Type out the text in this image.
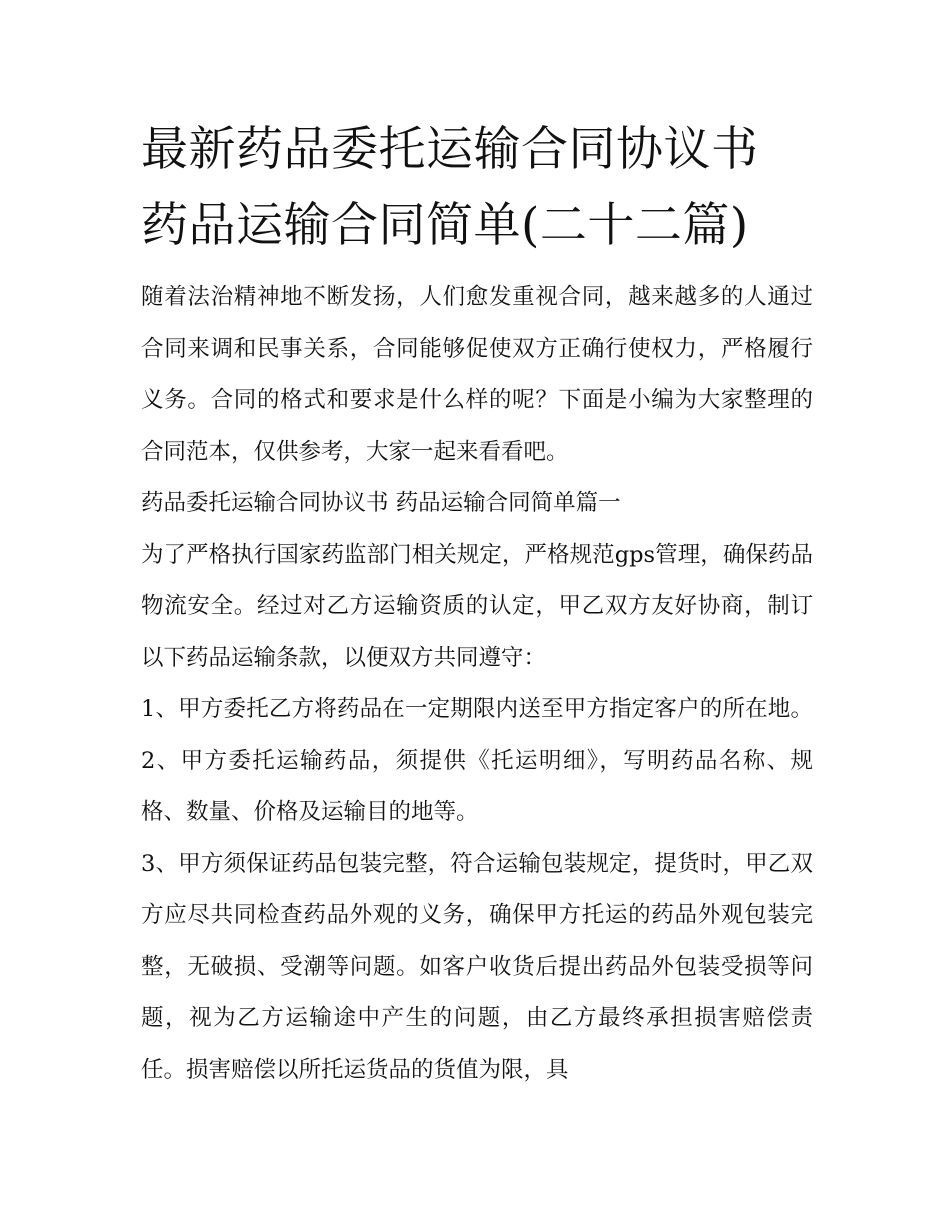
最新药品委托运输合同协议书
药品运输合同简单(二十二篇)

随着法治精神地不断发扬，人们愈发重视合同，越来越多的人通过合同来调和民事关系，合同能够促使双方正确行使权力，严格履行义务。合同的格式和要求是什么样的呢？下面是小编为大家整理的合同范本，仅供参考，大家一起来看看吧。

药品委托运输合同协议书 药品运输合同简单篇一

为了严格执行国家药监部门相关规定，严格规范gps管理，确保药品物流安全。经过对乙方运输资质的认定，甲乙双方友好协商，制订以下药品运输条款，以便双方共同遵守：

1、甲方委托乙方将药品在一定期限内送至甲方指定客户的所在地。 2、甲方委托运输药品，须提供《托运明细》，写明药品名称、规格、数量、价格及运输目的地等。

3、甲方须保证药品包装完整，符合运输包装规定，提货时，甲乙双方应尽共同检查药品外观的义务，确保甲方托运的药品外观包装完整，无破损、受潮等问题。如客户收货后提出药品外包装受损等问题，视为乙方运输途中产生的问题，由乙方最终承担损害赔偿责任。损害赔偿以所托运货品的货值为限，具
